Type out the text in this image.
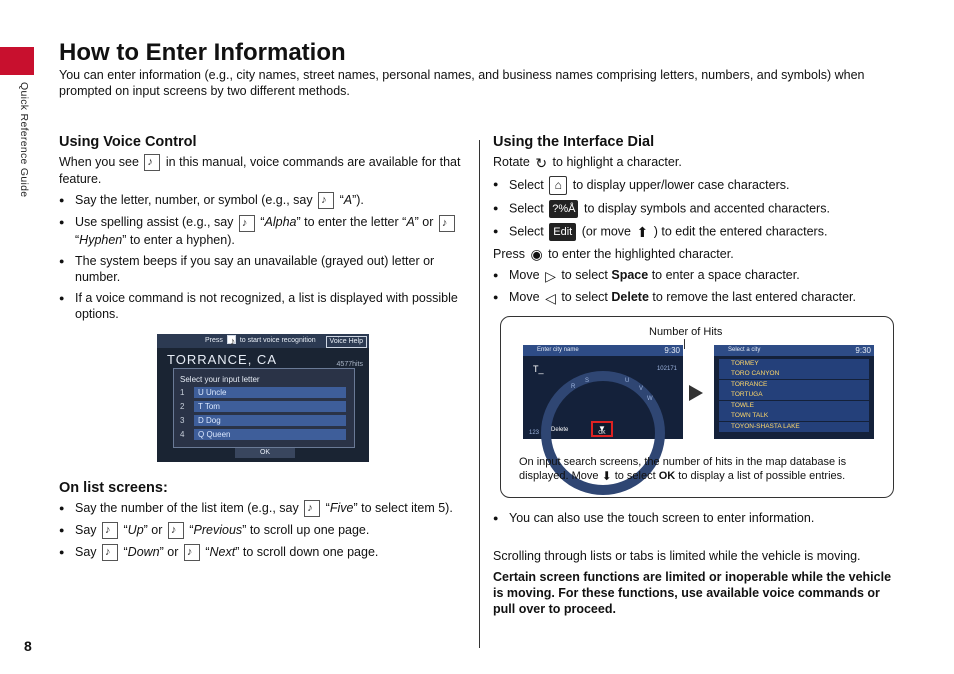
Quick Reference Guide
How to Enter Information

You can enter information (e.g., city names, street names, personal names, and business names comprising letters, numbers, and symbols) when prompted on input screens by two different methods.

Using Voice Control

When you see ♪ in this manual, voice commands are available for that feature.

● Say the letter, number, or symbol (e.g., say ♪ “A”).
● Use spelling assist (e.g., say ♪ “Alpha” to enter the letter “A” or ♪ “Hyphen” to enter a hyphen).
● The system beeps if you say an unavailable (grayed out) letter or number.
● If a voice command is not recognized, a list is displayed with possible options.
Press ♪ to start voice recognition	Voice Help
TORRANCE, CA	4577hits
Select your input letter
1 U Uncle
2 T Tom
3 D Dog
4 Q Queen
OK
On list screens:
● Say the number of the list item (e.g., say ♪ “Five” to select item 5).
● Say ♪ “Up” or ♪ “Previous” to scroll up one page.
● Say ♪ “Down” or ♪ “Next” to scroll down one page.
Using the Interface Dial

Rotate ↻ to highlight a character.

● Select ⌂ to display upper/lower case characters.
● Select ?%Å to display symbols and accented characters.
● Select Edit (or move ⬆ ) to edit the entered characters.

Press ◉ to enter the highlighted character.

● Move ▷ to select Space to enter a space character.
● Move ◁ to select Delete to remove the last entered character.
Number of Hits
Enter city name	9:30
T_	102171
R
S	U
V
W
123 Delete	▼ OK
Select a city	9:30
TORMEY
TORO CANYON
TORRANCE
TORTUGA
TOWLE
TOWN TALK
TOYON-SHASTA LAKE
On input search screens, the number of hits in the map database is displayed. Move ⬇ to select OK to display a list of possible entries.
● You can also use the touch screen to enter information.

Scrolling through lists or tabs is limited while the vehicle is moving.

Certain screen functions are limited or inoperable while the vehicle is moving. For these functions, use available voice commands or pull over to proceed.

8
